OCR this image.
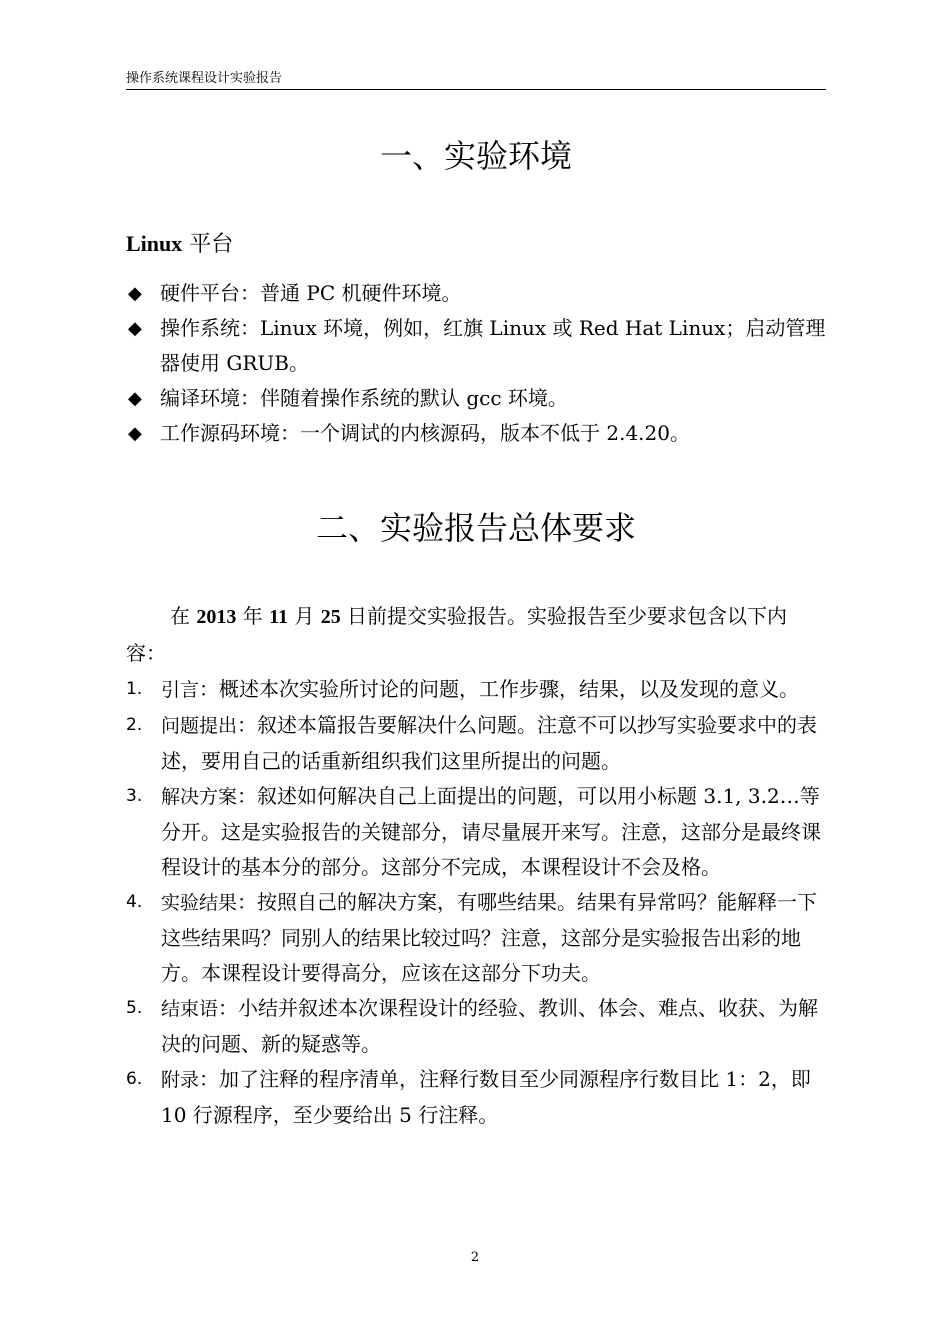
操作系统课程设计实验报告
一、实验环境
Linux 平台
◆ 硬件平台：普通 PC 机硬件环境。
◆ 操作系统：Linux 环境，例如，红旗 Linux 或 Red Hat Linux；启动管理器使用 GRUB。
◆ 编译环境：伴随着操作系统的默认 gcc 环境。
◆ 工作源码环境：一个调试的内核源码，版本不低于 2.4.20。
二、实验报告总体要求

在 2013 年 11 月 25 日前提交实验报告。实验报告至少要求包含以下内容：

1. 引言：概述本次实验所讨论的问题，工作步骤，结果，以及发现的意义。
2. 问题提出：叙述本篇报告要解决什么问题。注意不可以抄写实验要求中的表述，要用自己的话重新组织我们这里所提出的问题。
3. 解决方案：叙述如何解决自己上面提出的问题，可以用小标题 3.1, 3.2…等分开。这是实验报告的关键部分，请尽量展开来写。注意，这部分是最终课程设计的基本分的部分。这部分不完成，本课程设计不会及格。
4. 实验结果：按照自己的解决方案，有哪些结果。结果有异常吗？能解释一下这些结果吗？同别人的结果比较过吗？注意，这部分是实验报告出彩的地方。本课程设计要得高分，应该在这部分下功夫。
5. 结束语：小结并叙述本次课程设计的经验、教训、体会、难点、收获、为解决的问题、新的疑惑等。
6. 附录：加了注释的程序清单，注释行数目至少同源程序行数目比 1：2，即 10 行源程序，至少要给出 5 行注释。
2
